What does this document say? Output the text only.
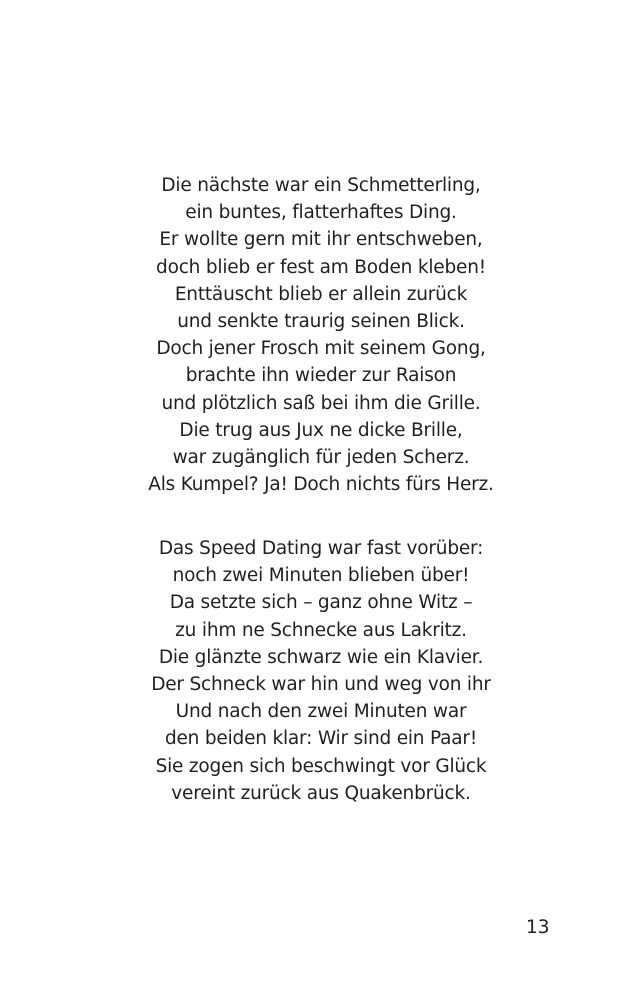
Die nächste war ein Schmetterling,
ein buntes, flatterhaftes Ding.
Er wollte gern mit ihr entschweben,
doch blieb er fest am Boden kleben!
Enttäuscht blieb er allein zurück
und senkte traurig seinen Blick.
Doch jener Frosch mit seinem Gong,
brachte ihn wieder zur Raison
und plötzlich saß bei ihm die Grille.
Die trug aus Jux ne dicke Brille,
war zugänglich für jeden Scherz.
Als Kumpel? Ja! Doch nichts fürs Herz.
Das Speed Dating war fast vorüber:
noch zwei Minuten blieben über!
Da setzte sich – ganz ohne Witz –
zu ihm ne Schnecke aus Lakritz.
Die glänzte schwarz wie ein Klavier.
Der Schneck war hin und weg von ihr
Und nach den zwei Minuten war
den beiden klar: Wir sind ein Paar!
Sie zogen sich beschwingt vor Glück
vereint zurück aus Quakenbrück.
13
